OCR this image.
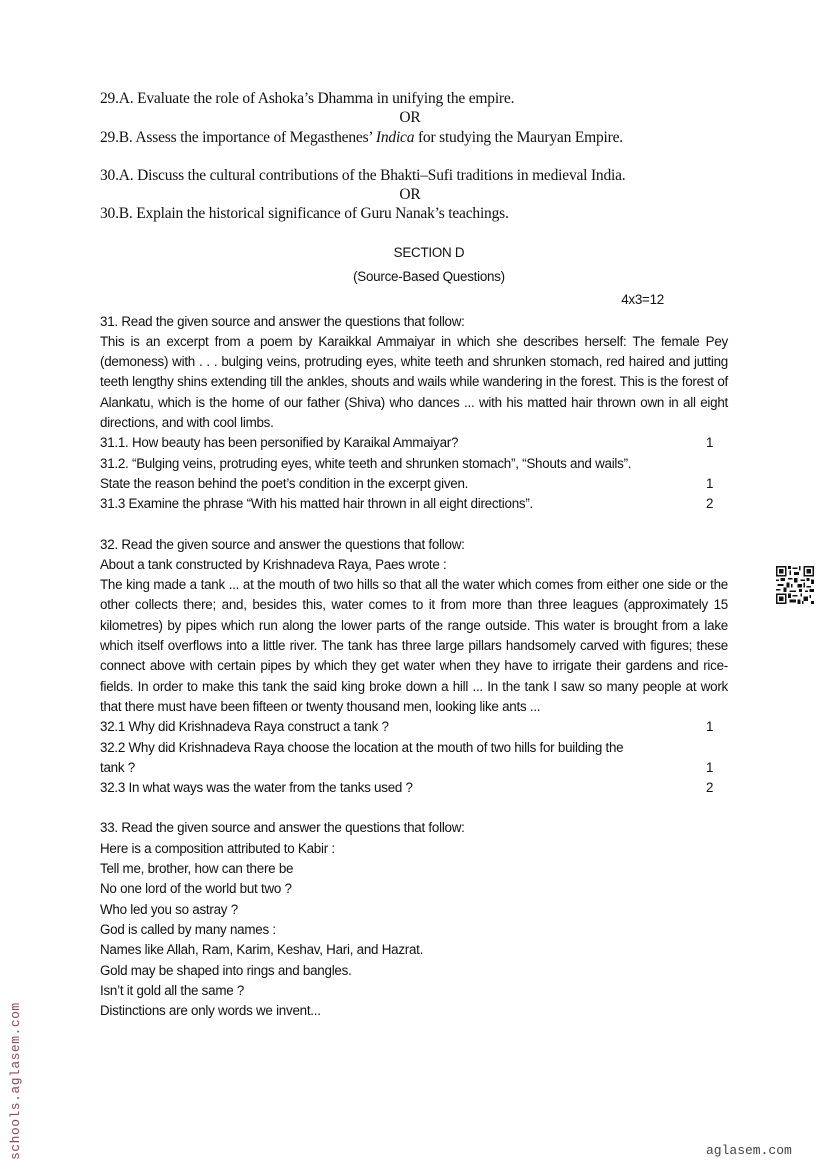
29.A. Evaluate the role of Ashoka’s Dhamma in unifying the empire.
OR
29.B. Assess the importance of Megasthenes’ Indica for studying the Mauryan Empire.
30.A. Discuss the cultural contributions of the Bhakti–Sufi traditions in medieval India.
OR
30.B. Explain the historical significance of Guru Nanak’s teachings.
SECTION D
(Source-Based Questions)
4x3=12
31. Read the given source and answer the questions that follow:
This is an excerpt from a poem by Karaikkal Ammaiyar in which she describes herself: The female Pey (demoness) with . . . bulging veins, protruding eyes, white teeth and shrunken stomach, red haired and jutting teeth lengthy shins extending till the ankles, shouts and wails while wandering in the forest. This is the forest of Alankatu, which is the home of our father (Shiva) who dances ... with his matted hair thrown own in all eight directions, and with cool limbs.
31.1. How beauty has been personified by Karaikal Ammaiyar?	1
31.2. “Bulging veins, protruding eyes, white teeth and shrunken stomach”, “Shouts and wails”.
State the reason behind the poet’s condition in the excerpt given.	1
31.3 Examine the phrase “With his matted hair thrown in all eight directions”.	2
32. Read the given source and answer the questions that follow:
About a tank constructed by Krishnadeva Raya, Paes wrote :
The king made a tank ... at the mouth of two hills so that all the water which comes from either one side or the other collects there; and, besides this, water comes to it from more than three leagues (approximately 15 kilometres) by pipes which run along the lower parts of the range outside. This water is brought from a lake which itself overflows into a little river. The tank has three large pillars handsomely carved with figures; these connect above with certain pipes by which they get water when they have to irrigate their gardens and rice-fields. In order to make this tank the said king broke down a hill ... In the tank I saw so many people at work that there must have been fifteen or twenty thousand men, looking like ants ...
32.1 Why did Krishnadeva Raya construct a tank ?	1
32.2 Why did Krishnadeva Raya choose the location at the mouth of two hills for building the
tank ?	1
32.3 In what ways was the water from the tanks used ?	2
33. Read the given source and answer the questions that follow:
Here is a composition attributed to Kabir :
Tell me, brother, how can there be
No one lord of the world but two ?
Who led you so astray ?
God is called by many names :
Names like Allah, Ram, Karim, Keshav, Hari, and Hazrat.
Gold may be shaped into rings and bangles.
Isn’t it gold all the same ?
Distinctions are only words we invent...
schools.aglasem.com	aglasem.com
